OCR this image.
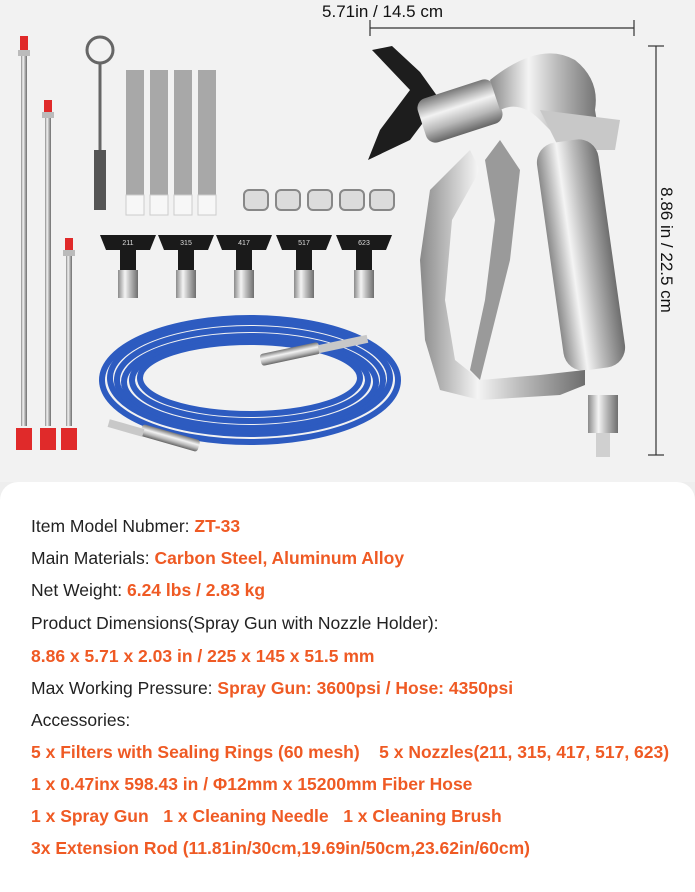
211	315	417	517	623
5.71in / 14.5 cm
8.86 in / 22.5 cm
Item Model Nubmer: ZT-33
Main Materials: Carbon Steel, Aluminum Alloy
Net Weight: 6.24 lbs / 2.83 kg
Product Dimensions(Spray Gun with Nozzle Holder):
8.86 x 5.71 x 2.03 in / 225 x 145 x 51.5 mm
Max Working Pressure: Spray Gun: 3600psi / Hose: 4350psi
Accessories:
5 x Filters with Sealing Rings (60 mesh)    5 x Nozzles(211, 315, 417, 517, 623)
1 x 0.47inx 598.43 in / Φ12mm x 15200mm Fiber Hose
1 x Spray Gun   1 x Cleaning Needle   1 x Cleaning Brush
3x Extension Rod (11.81in/30cm,19.69in/50cm,23.62in/60cm)
